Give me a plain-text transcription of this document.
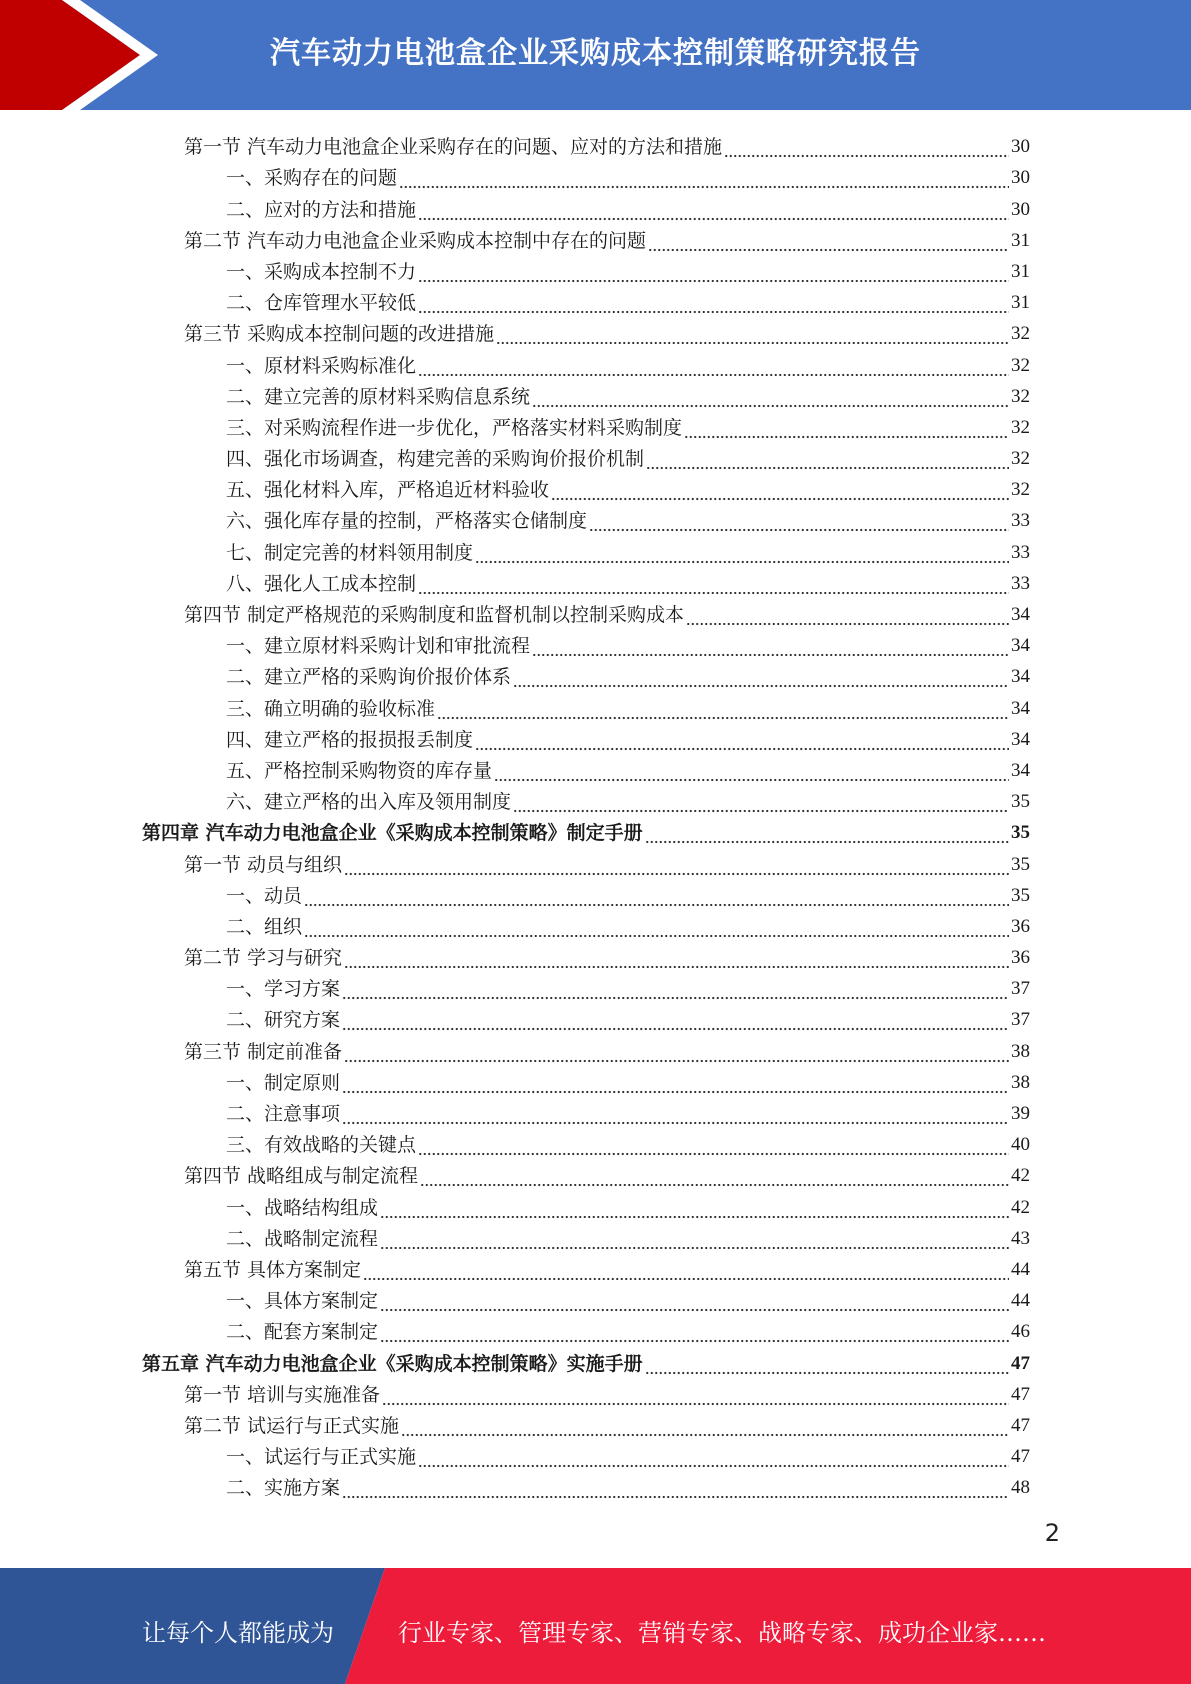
汽车动力电池盒企业采购成本控制策略研究报告
第一节 汽车动力电池盒企业采购存在的问题、应对的方法和措施	30
一、采购存在的问题	30
二、应对的方法和措施	30
第二节 汽车动力电池盒企业采购成本控制中存在的问题	31
一、采购成本控制不力	31
二、仓库管理水平较低	31
第三节 采购成本控制问题的改进措施	32
一、原材料采购标准化	32
二、建立完善的原材料采购信息系统	32
三、对采购流程作进一步优化，严格落实材料采购制度	32
四、强化市场调查，构建完善的采购询价报价机制	32
五、强化材料入库，严格追近材料验收	32
六、强化库存量的控制，严格落实仓储制度	33
七、制定完善的材料领用制度	33
八、强化人工成本控制	33
第四节 制定严格规范的采购制度和监督机制以控制采购成本	34
一、建立原材料采购计划和审批流程	34
二、建立严格的采购询价报价体系	34
三、确立明确的验收标准	34
四、建立严格的报损报丢制度	34
五、严格控制采购物资的库存量	34
六、建立严格的出入库及领用制度	35
第四章 汽车动力电池盒企业《采购成本控制策略》制定手册	35
第一节 动员与组织	35
一、动员	35
二、组织	36
第二节 学习与研究	36
一、学习方案	37
二、研究方案	37
第三节 制定前准备	38
一、制定原则	38
二、注意事项	39
三、有效战略的关键点	40
第四节 战略组成与制定流程	42
一、战略结构组成	42
二、战略制定流程	43
第五节 具体方案制定	44
一、具体方案制定	44
二、配套方案制定	46
第五章 汽车动力电池盒企业《采购成本控制策略》实施手册	47
第一节 培训与实施准备	47
第二节 试运行与正式实施	47
一、试运行与正式实施	47
二、实施方案	48
2
让每个人都能成为	行业专家、管理专家、营销专家、战略专家、成功企业家……
